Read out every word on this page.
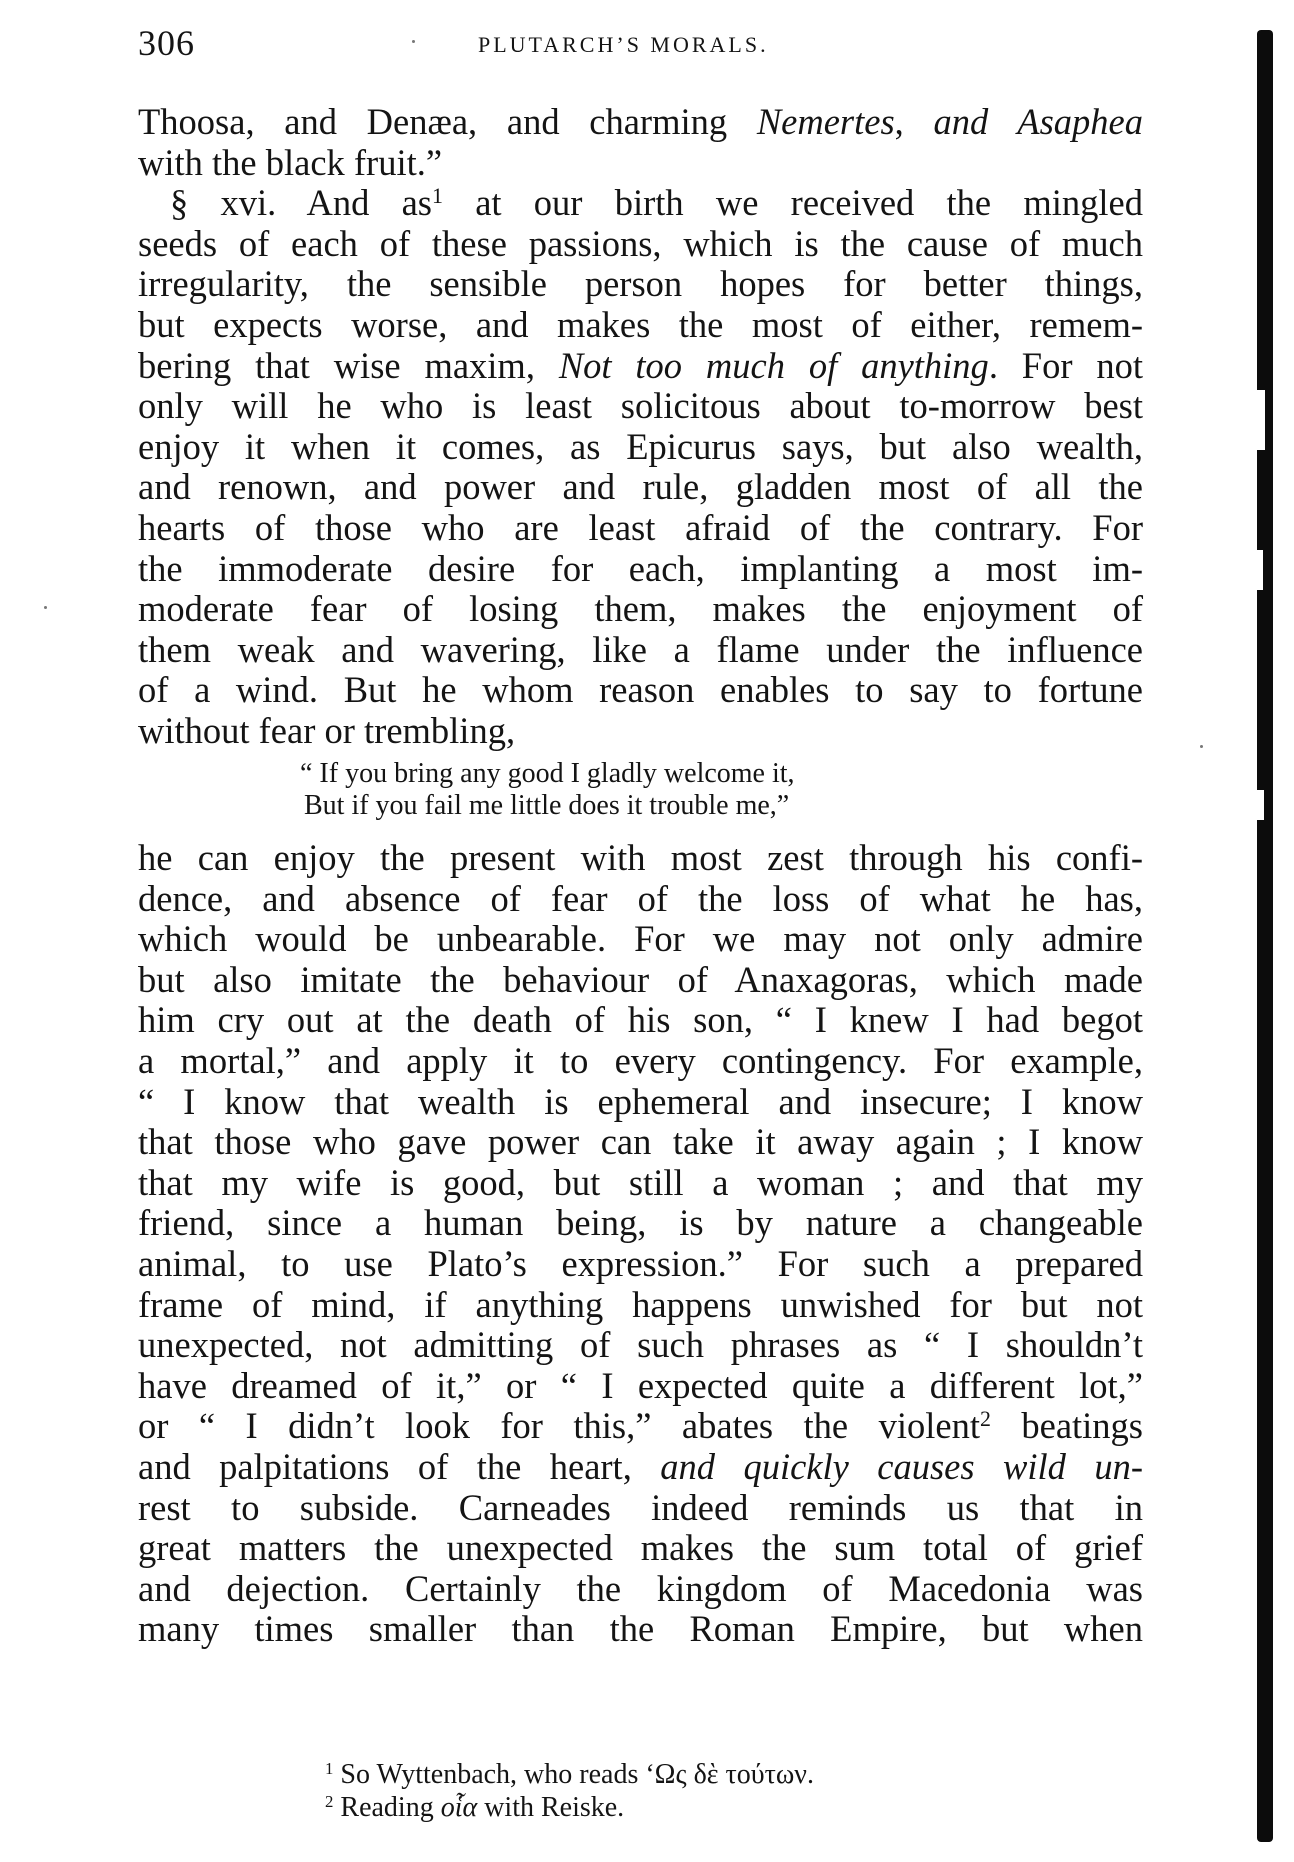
306	PLUTARCH’S MORALS.
Thoosa, and Denæa, and charming Nemertes, and Asaphea
with the black fruit.”
§ xvi. And $as^1$ at our birth we received the mingled
seeds of each of these passions, which is the cause of much
irregularity, the sensible person hopes for better things,
but expects worse, and makes the most of either, remem-
bering that wise maxim, Not too much of anything. For not
only will he who is least solicitous about to-morrow best
enjoy it when it comes, as Epicurus says, but also wealth,
and renown, and power and rule, gladden most of all the
hearts of those who are least afraid of the contrary. For
the immoderate desire for each, implanting a most im-
moderate fear of losing them, makes the enjoyment of
them weak and wavering, like a flame under the influence
of a wind. But he whom reason enables to say to fortune
without fear or trembling,
“ If you bring any good I gladly welcome it,
But if you fail me little does it trouble me,”
he can enjoy the present with most zest through his confi-
dence, and absence of fear of the loss of what he has,
which would be unbearable. For we may not only admire
but also imitate the behaviour of Anaxagoras, which made
him cry out at the death of his son, “ I knew I had begot
a mortal,” and apply it to every contingency. For example,
“ I know that wealth is ephemeral and insecure; I know
that those who gave power can take it away again ; I know
that my wife is good, but still a woman ; and that my
friend, since a human being, is by nature a changeable
animal, to use Plato’s expression.” For such a prepared
frame of mind, if anything happens unwished for but not
unexpected, not admitting of such phrases as “ I shouldn’t
have dreamed of it,” or “ I expected quite a different lot,”
or “ I didn’t look for this,” abates the violent$^2$ beatings
and palpitations of the heart, and quickly causes wild un-
rest to subside. Carneades indeed reminds us that in
great matters the unexpected makes the sum total of grief
and dejection. Certainly the kingdom of Macedonia was
many times smaller than the Roman Empire, but when
$^1$ So Wyttenbach, who reads ‘Ως δὲ τούτων.
$^2$ Reading οἷα with Reiske.
